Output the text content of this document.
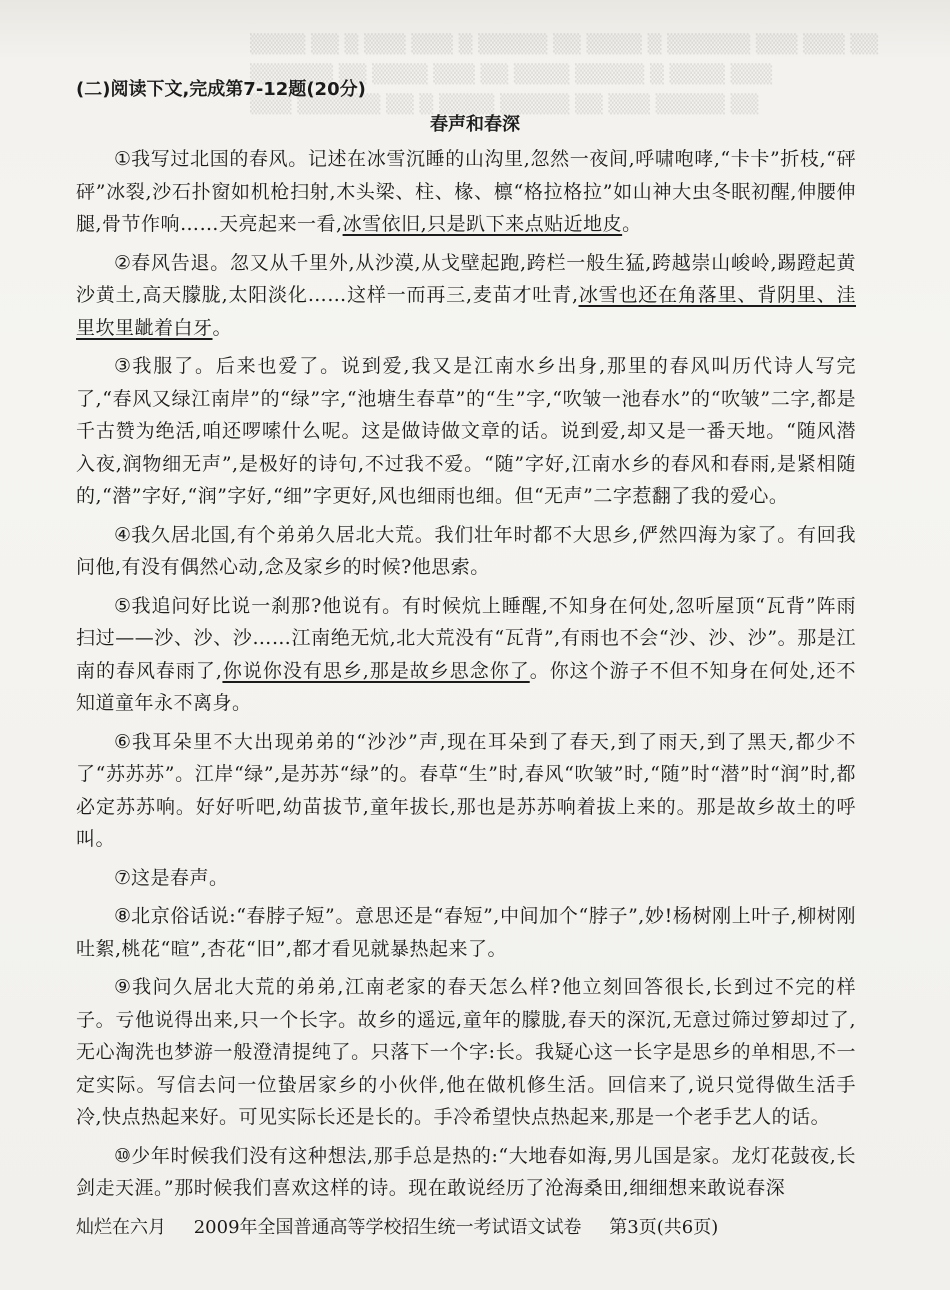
▒▒▒▒ ▒▒ ▒ ▒▒▒ ▒▒▒ ▒ ▒▒▒▒▒ ▒▒ ▒▒▒▒ ▒ ▒▒▒▒▒▒ ▒▒▒ ▒▒▒ ▒▒
▒▒▒▒▒▒ ▒▒ ▒▒▒▒ ▒▒▒ ▒▒ ▒▒▒▒ ▒▒▒▒▒ ▒ ▒▒▒▒ ▒▒▒
▒▒▒ ▒▒▒▒▒▒ ▒▒ ▒ ▒▒▒▒ ▒▒▒▒▒ ▒▒ ▒▒▒ ▒▒▒▒▒ ▒▒
(二)阅读下文,完成第7-12题(20分)
春声和春深

①我写过北国的春风。记述在冰雪沉睡的山沟里,忽然一夜间,呼啸咆哮,“卡卡”折枝,“砰砰”冰裂,沙石扑窗如机枪扫射,木头梁、柱、椽、檩“格拉格拉”如山神大虫冬眠初醒,伸腰伸腿,骨节作响……天亮起来一看,冰雪依旧,只是趴下来点贴近地皮。

②春风告退。忽又从千里外,从沙漠,从戈壁起跑,跨栏一般生猛,跨越崇山峻岭,踢蹬起黄沙黄土,高天朦胧,太阳淡化……这样一而再三,麦苗才吐青,冰雪也还在角落里、背阴里、洼里坎里龇着白牙。

③我服了。后来也爱了。说到爱,我又是江南水乡出身,那里的春风叫历代诗人写完了,“春风又绿江南岸”的“绿”字,“池塘生春草”的“生”字,“吹皱一池春水”的“吹皱”二字,都是千古赞为绝活,咱还啰嗦什么呢。这是做诗做文章的话。说到爱,却又是一番天地。“随风潜入夜,润物细无声”,是极好的诗句,不过我不爱。“随”字好,江南水乡的春风和春雨,是紧相随的,“潜”字好,“润”字好,“细”字更好,风也细雨也细。但“无声”二字惹翻了我的爱心。

④我久居北国,有个弟弟久居北大荒。我们壮年时都不大思乡,俨然四海为家了。有回我问他,有没有偶然心动,念及家乡的时候?他思索。

⑤我追问好比说一刹那?他说有。有时候炕上睡醒,不知身在何处,忽听屋顶“瓦背”阵雨扫过——沙、沙、沙……江南绝无炕,北大荒没有“瓦背”,有雨也不会“沙、沙、沙”。那是江南的春风春雨了,你说你没有思乡,那是故乡思念你了。你这个游子不但不知身在何处,还不知道童年永不离身。

⑥我耳朵里不大出现弟弟的“沙沙”声,现在耳朵到了春天,到了雨天,到了黑天,都少不了“苏苏苏”。江岸“绿”,是苏苏“绿”的。春草“生”时,春风“吹皱”时,“随”时“潜”时“润”时,都必定苏苏响。好好听吧,幼苗拔节,童年拔长,那也是苏苏响着拔上来的。那是故乡故土的呼叫。

⑦这是春声。

⑧北京俗话说:“春脖子短”。意思还是“春短”,中间加个“脖子”,妙!杨树刚上叶子,柳树刚吐絮,桃花“暄”,杏花“旧”,都才看见就暴热起来了。

⑨我问久居北大荒的弟弟,江南老家的春天怎么样?他立刻回答很长,长到过不完的样子。亏他说得出来,只一个长字。故乡的遥远,童年的朦胧,春天的深沉,无意过筛过箩却过了,无心淘洗也梦游一般澄清提纯了。只落下一个字:长。我疑心这一长字是思乡的单相思,不一定实际。写信去问一位蛰居家乡的小伙伴,他在做机修生活。回信来了,说只觉得做生活手冷,快点热起来好。可见实际长还是长的。手冷希望快点热起来,那是一个老手艺人的话。

⑩少年时候我们没有这种想法,那手总是热的:“大地春如海,男儿国是家。龙灯花鼓夜,长剑走天涯。”那时候我们喜欢这样的诗。现在敢说经历了沧海桑田,细细想来敢说春深

灿烂在六月 2009年全国普通高等学校招生统一考试语文试卷 第3页(共6页)
